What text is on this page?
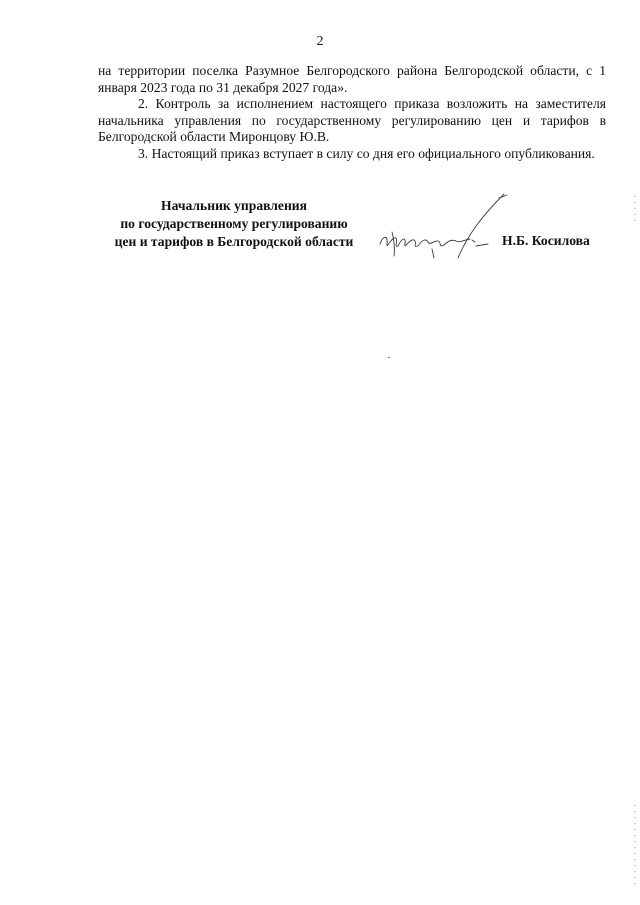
2

на территории поселка Разумное Белгородского района Белгородской области, с 1 января 2023 года по 31 декабря 2027 года».

2. Контроль за исполнением настоящего приказа возложить на заместителя начальника управления по государственному регулированию цен и тарифов в Белгородской области Миронцову Ю.В.

3. Настоящий приказ вступает в силу со дня его официального опубликования.

Начальник управления
по государственному регулированию
цен и тарифов в Белгородской области	Н.Б. Косилова
